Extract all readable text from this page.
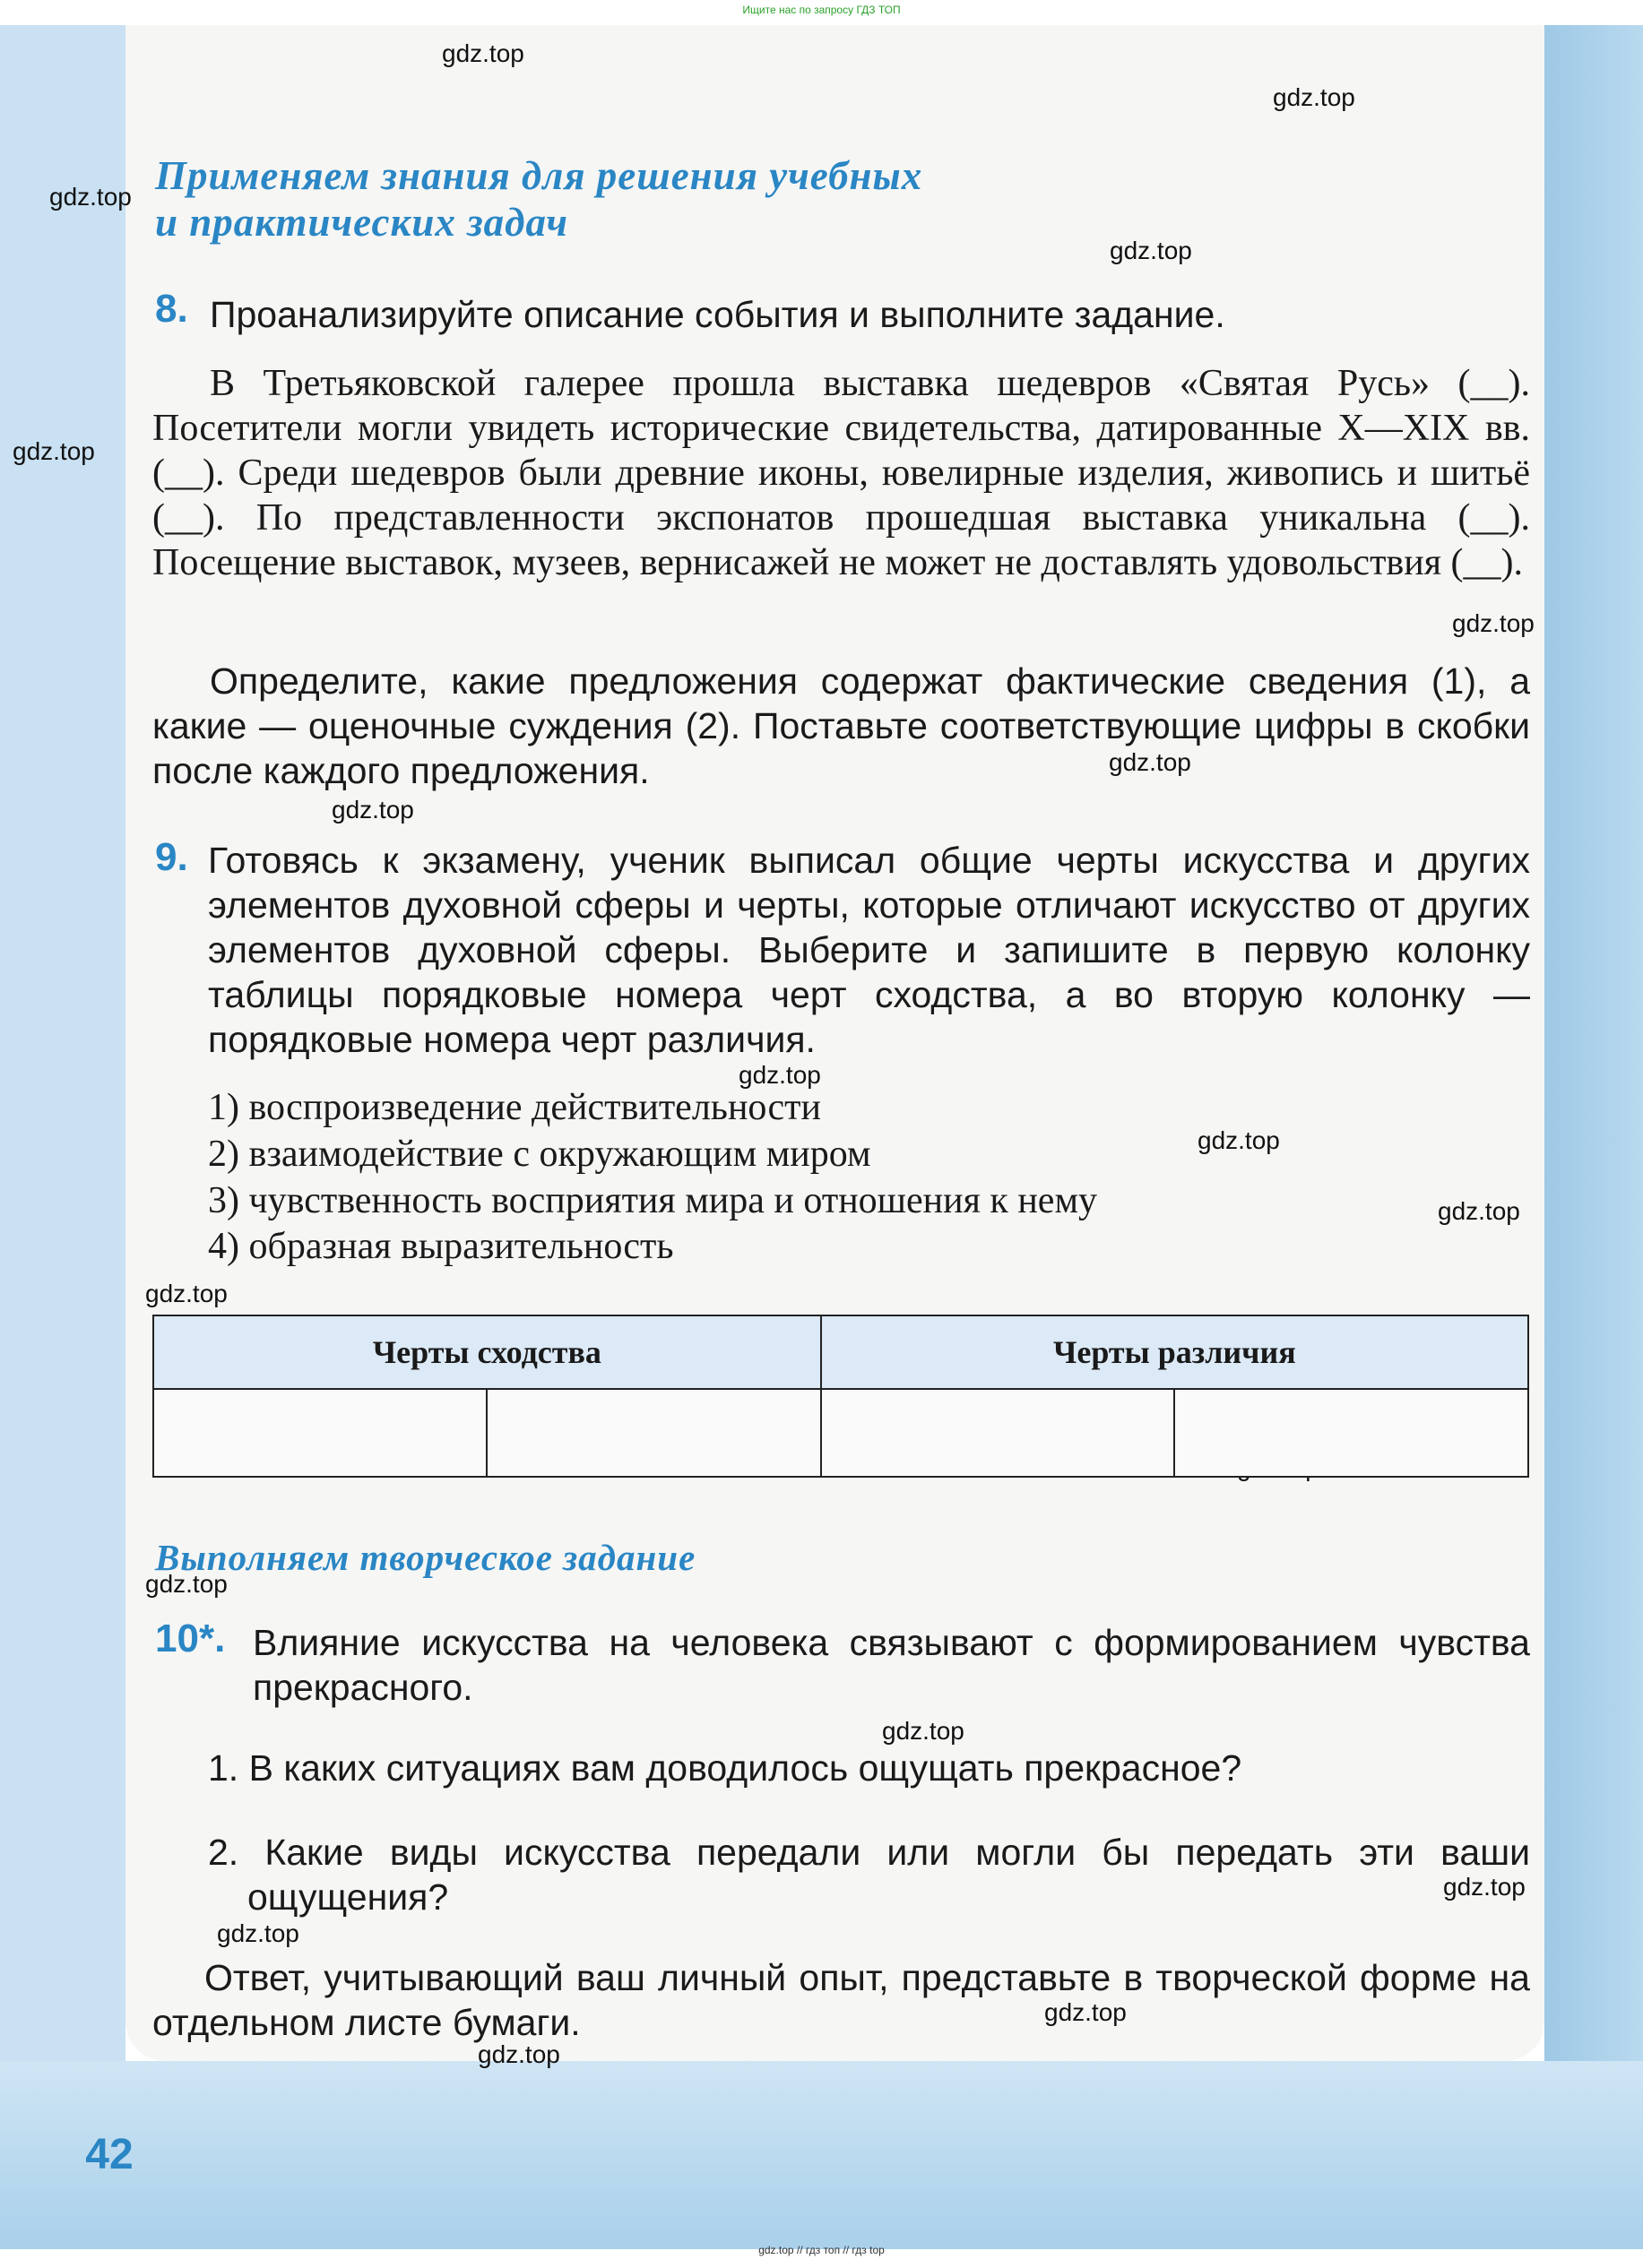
Ищите нас по запросу ГДЗ ТОП
gdz.top
gdz.top
gdz.top
gdz.top
gdz.top
gdz.top
gdz.top
gdz.top
gdz.top
gdz.top
gdz.top
gdz.top
gdz.top
gdz.top
gdz.top
gdz.top
gdz.top
gdz.top
Применяем знания для решения учебных
и практических задач
8. Проанализируйте описание события и выполните задание.
В Третьяковской галерее прошла выставка шедевров «Святая Русь» (__). Посетители могли увидеть исторические свидетельства, датированные X—XIX вв. (__). Среди шедевров были древние иконы, ювелирные изделия, живопись и шитьё (__). По представленности экспонатов прошедшая выставка уникальна (__). Посещение выставок, музеев, вернисажей не может не доставлять удовольствия (__).
Определите, какие предложения содержат фактические сведения (1), а какие — оценочные суждения (2). Поставьте соответствующие цифры в скобки после каждого предложения.
9. Готовясь к экзамену, ученик выписал общие черты искусства и других элементов духовной сферы и черты, которые отличают искусство от других элементов духовной сферы. Выберите и запишите в первую колонку таблицы порядковые номера черт сходства, а во вторую колонку — порядковые номера черт различия.
1) воспроизведение действительности
2) взаимодействие с окружающим миром
3) чувственность восприятия мира и отношения к нему
4) образная выразительность
Черты сходства		Черты различия	

Выполняем творческое задание
10*. Влияние искусства на человека связывают с формированием чувства прекрасного.
1. В каких ситуациях вам доводилось ощущать прекрасное?
2. Какие виды искусства передали или могли бы передать эти ваши ощущения?
Ответ, учитывающий ваш личный опыт, представьте в творческой форме на отдельном листе бумаги.
42
gdz.top // гдз топ // гдз top
